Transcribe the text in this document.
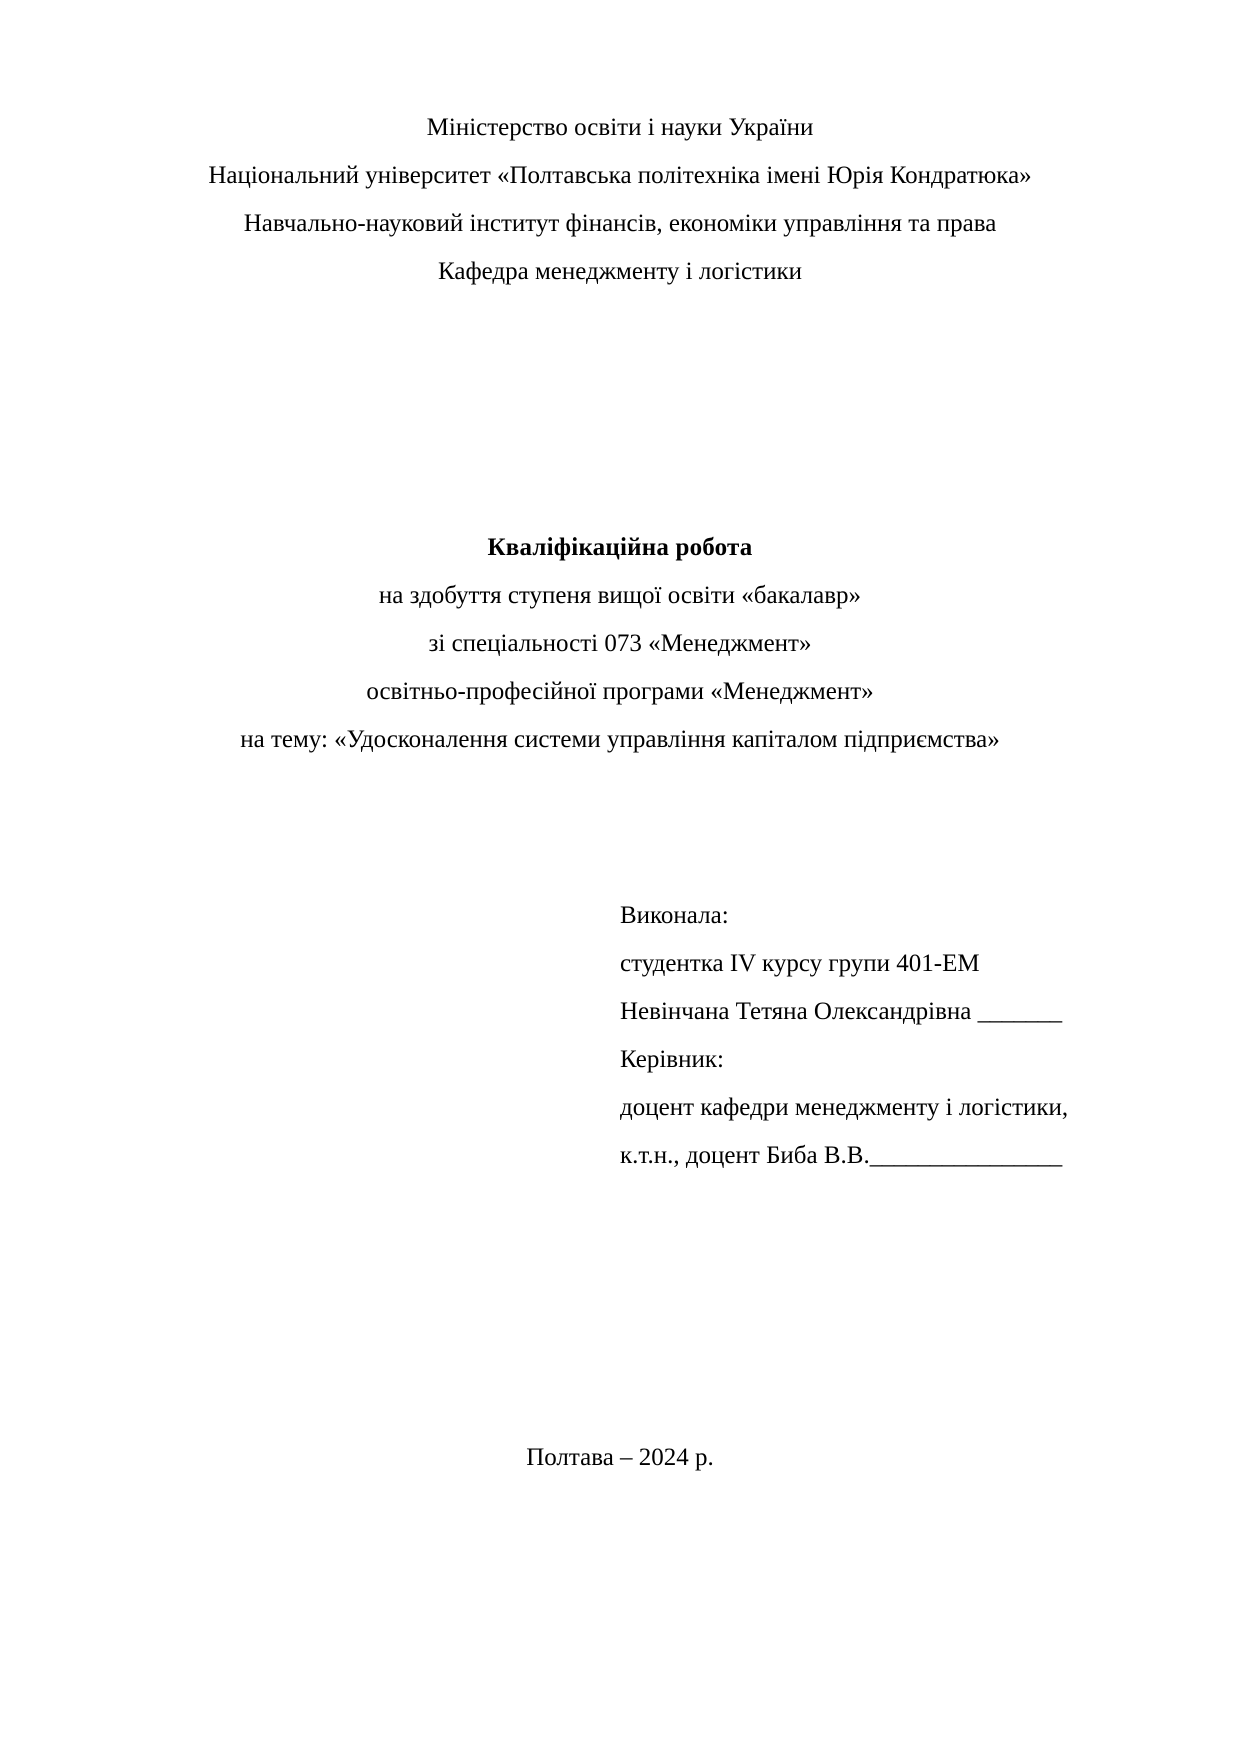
Міністерство освіти і науки України
Національний університет «Полтавська політехніка імені Юрія Кондратюка»
Навчально-науковий інститут фінансів, економіки управління та права
Кафедра менеджменту і логістики
Кваліфікаційна робота
на здобуття ступеня вищої освіти «бакалавр»
зі спеціальності 073 «Менеджмент»
освітньо-професійної програми «Менеджмент»
на тему: «Удосконалення системи управління капіталом підприємства»
Виконала:
студентка IV курсу групи 401-ЕМ
Невінчана Тетяна Олександрівна _______
Керівник:
доцент кафедри менеджменту і логістики,
к.т.н., доцент Биба В.В.________________
Полтава – 2024 р.
